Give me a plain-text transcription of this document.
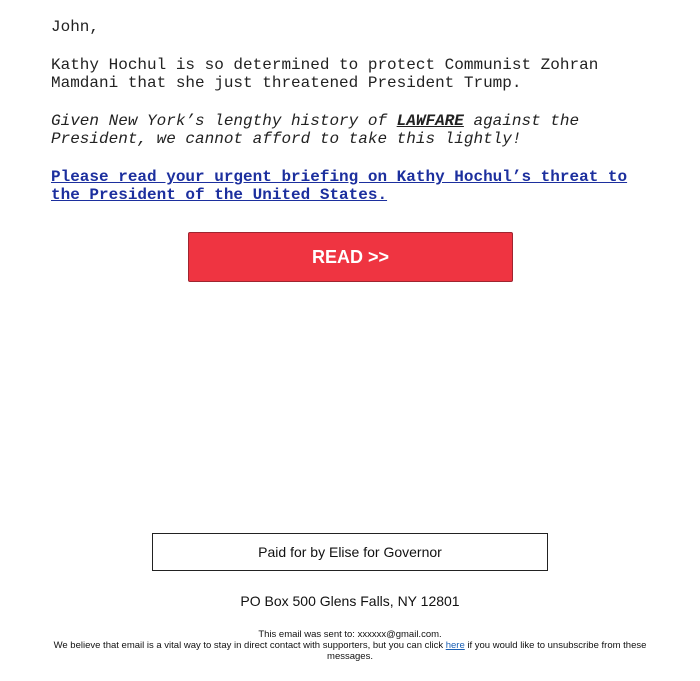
John,

Kathy Hochul is so determined to protect Communist Zohran Mamdani that she just threatened President Trump.

Given New York’s lengthy history of LAWFARE against the President, we cannot afford to take this lightly!

Please read your urgent briefing on Kathy Hochul’s threat to the President of the United States.

READ >>
Paid for by Elise for Governor
PO Box 500 Glens Falls, NY 12801
This email was sent to: xxxxxx@gmail.com.
We believe that email is a vital way to stay in direct contact with supporters, but you can click here if you would like to unsubscribe from these messages.
